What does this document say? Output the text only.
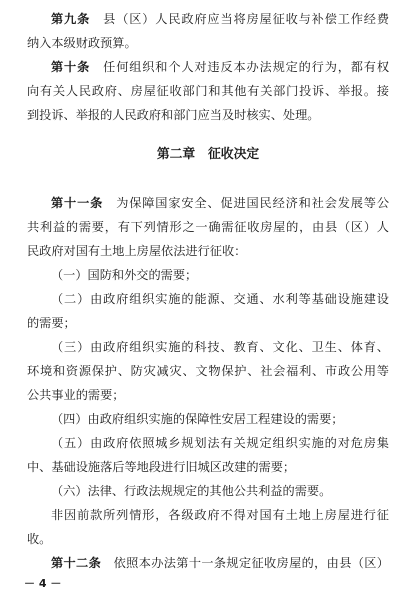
第九条　 县（区）人民政府应当将房屋征收与补偿工作经费
纳入本级财政预算。
第十条　 任何组织和个人对违反本办法规定的行为，都有权
向有关人民政府、房屋征收部门和其他有关部门投诉、举报。接
到投诉、举报的人民政府和部门应当及时核实、处理。
第二章　征收决定
第十一条　 为保障国家安全、促进国民经济和社会发展等公
共利益的需要，有下列情形之一确需征收房屋的，由县（区）人
民政府对国有土地上房屋依法进行征收：
（一）国防和外交的需要；
（二）由政府组织实施的能源、交通、水利等基础设施建设
的需要；
（三）由政府组织实施的科技、教育、文化、卫生、体育、
环境和资源保护、防灾减灾、文物保护、社会福利、市政公用等
公共事业的需要；
（四）由政府组织实施的保障性安居工程建设的需要；
（五）由政府依照城乡规划法有关规定组织实施的对危房集
中、基础设施落后等地段进行旧城区改建的需要；
（六）法律、行政法规规定的其他公共利益的需要。
非因前款所列情形，各级政府不得对国有土地上房屋进行征
收。
第十二条　 依照本办法第十一条规定征收房屋的，由县（区）
－ 4 －
